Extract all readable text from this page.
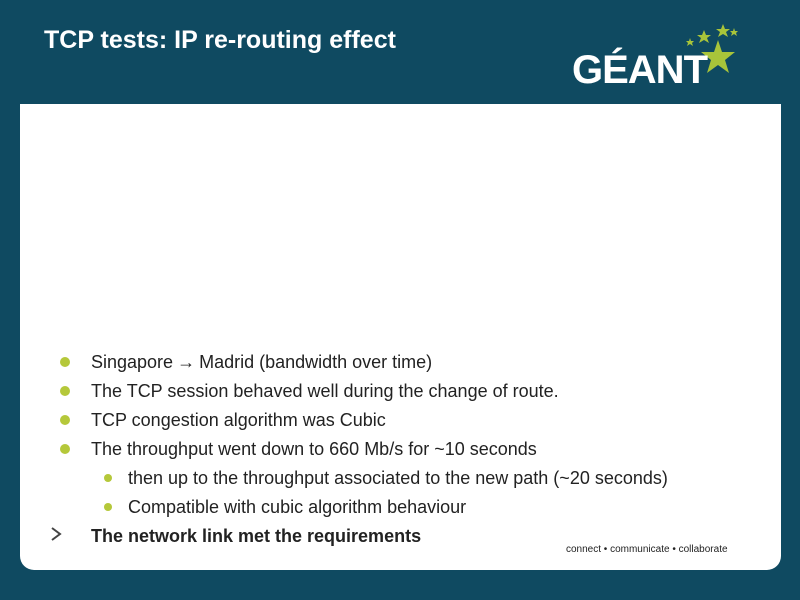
TCP tests: IP re-routing effect
GÉANT
Singapore → Madrid (bandwidth over time)
The TCP session behaved well during the change of route.
TCP congestion algorithm was Cubic
The throughput went down to 660 Mb/s for ~10 seconds
then up to the throughput associated to the new path (~20 seconds)
Compatible with cubic algorithm behaviour
The network link met the requirements
connect • communicate • collaborate
